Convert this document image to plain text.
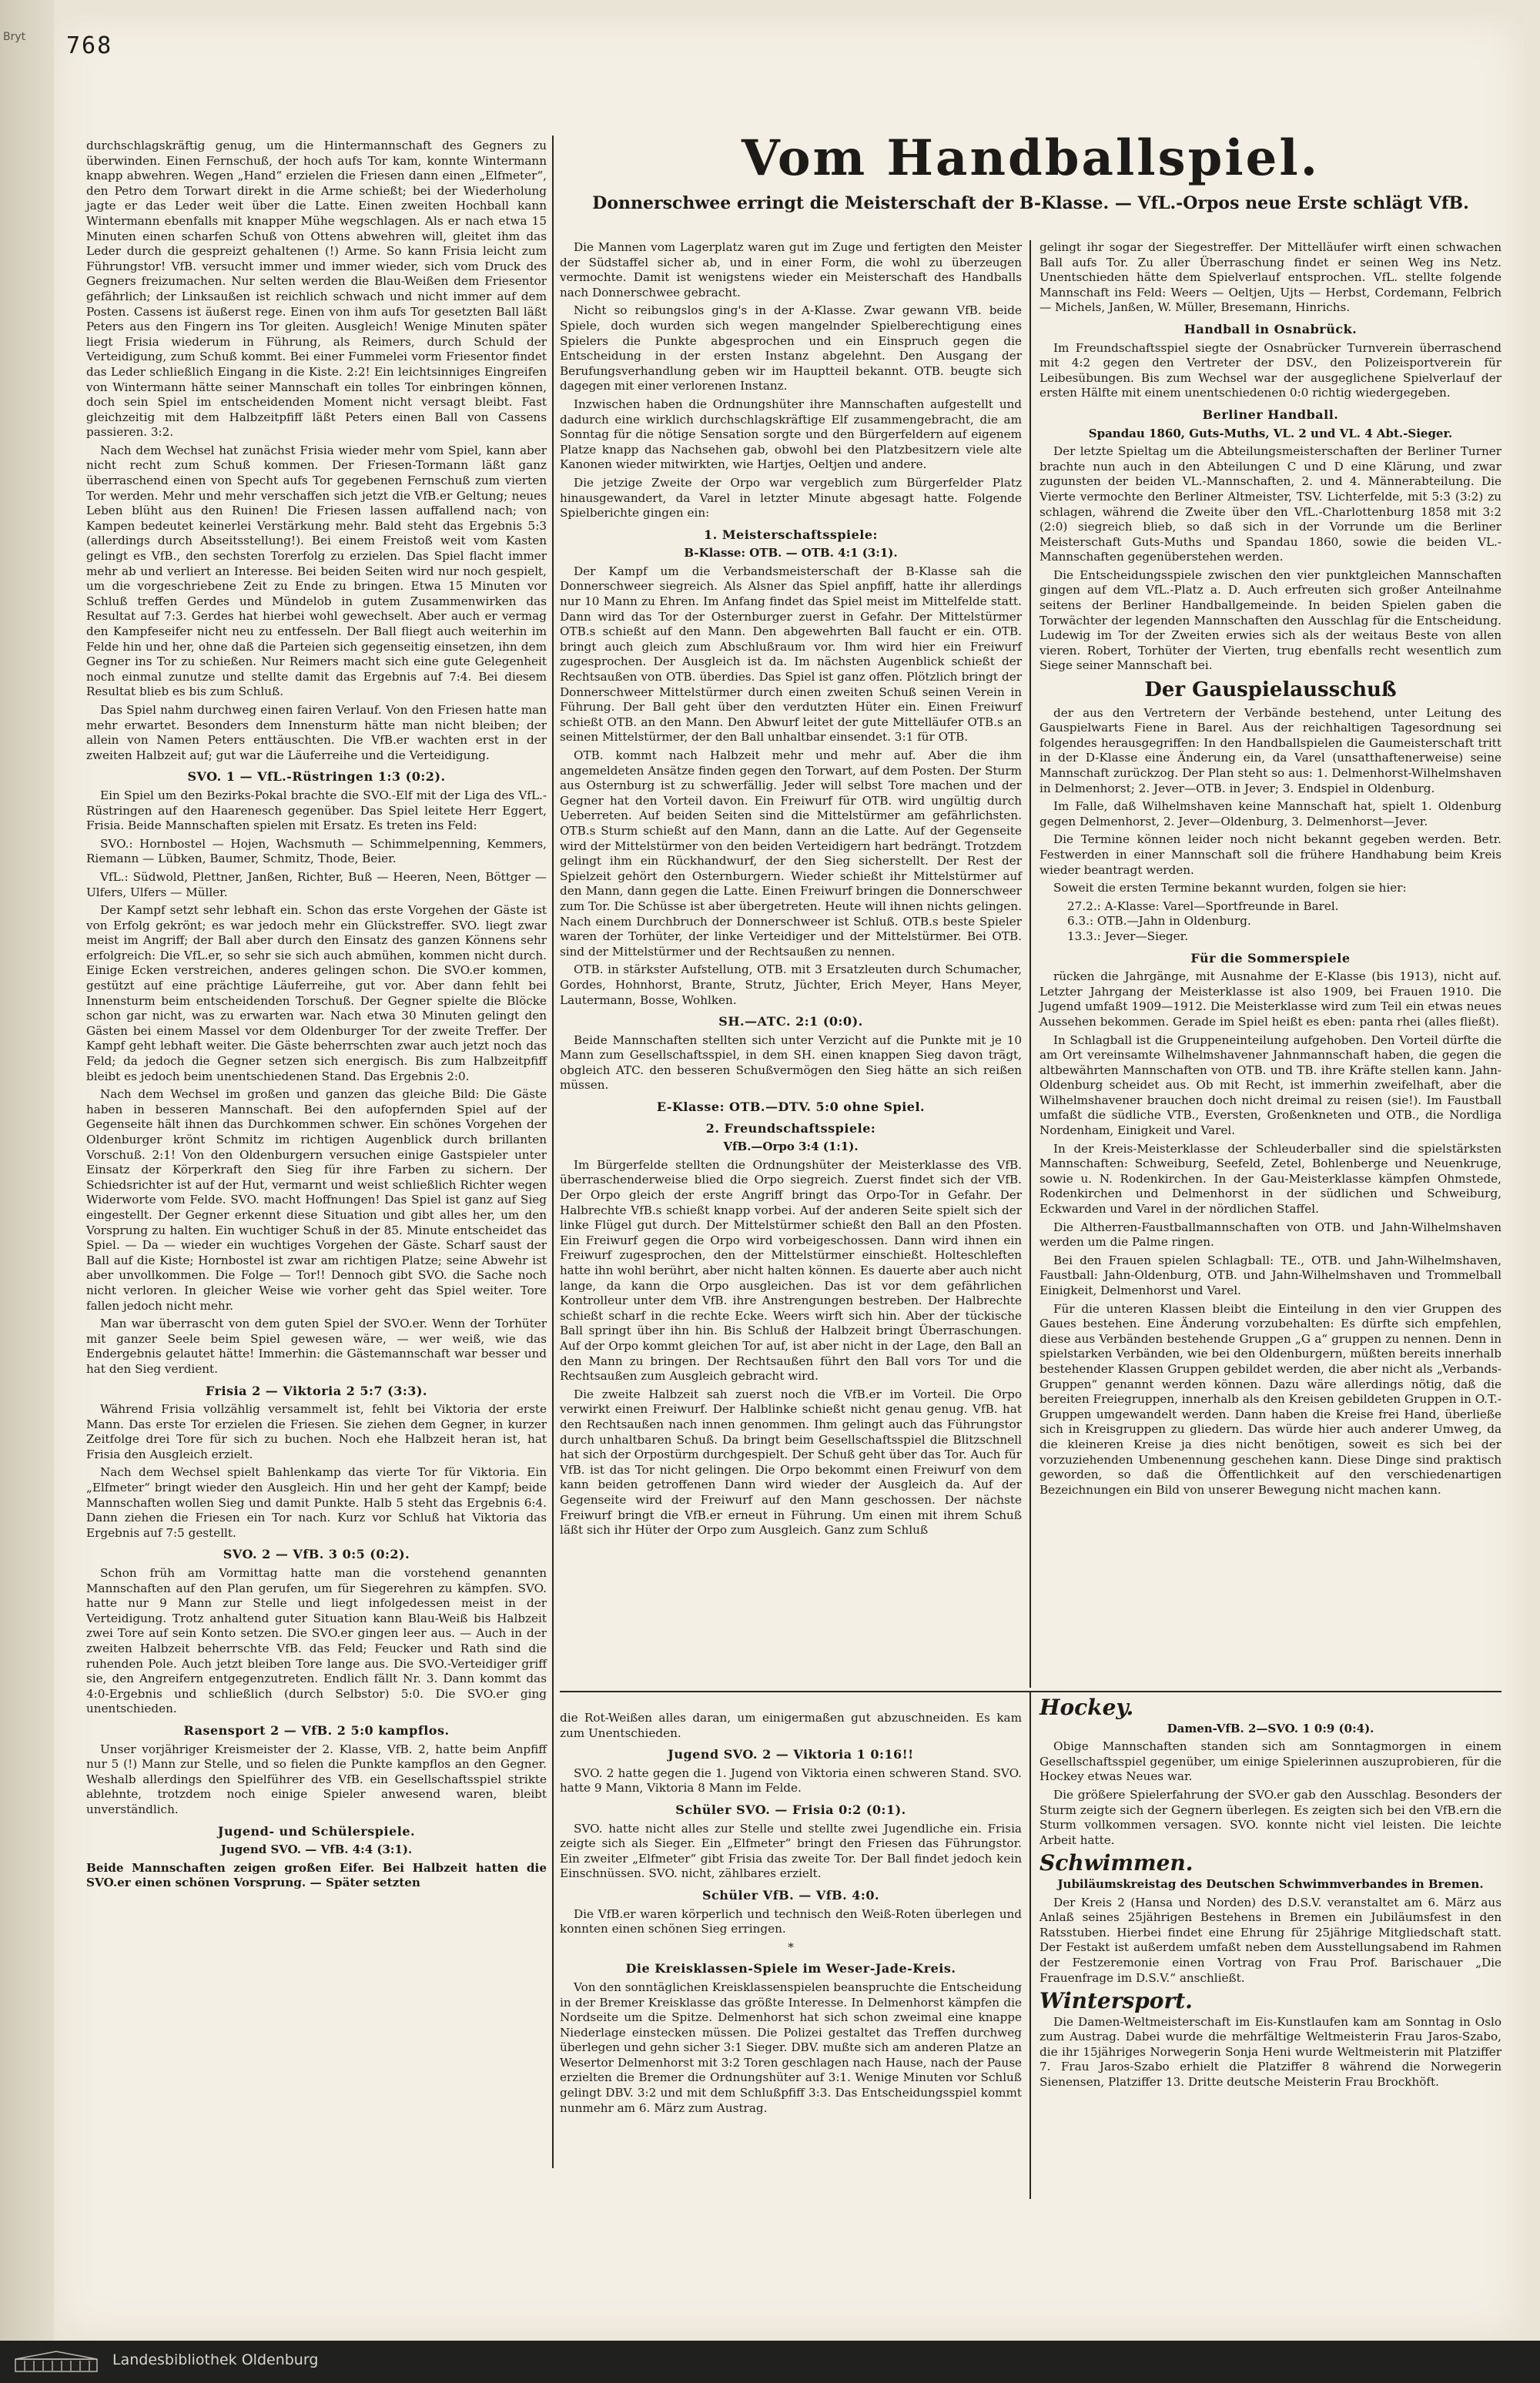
Bryt 768
Vom Handballspiel.
Donnerschwee erringt die Meisterschaft der B-Klasse. — VfL.-Orpos neue Erste schlägt VfB.

durchschlagskräftig genug, um die Hintermannschaft des Gegners zu überwinden. Einen Fernschuß, der hoch aufs Tor kam, konnte Wintermann knapp abwehren. Wegen „Hand“ erzielen die Friesen dann einen „Elfmeter“, den Petro dem Torwart direkt in die Arme schießt; bei der Wiederholung jagte er das Leder weit über die Latte. Einen zweiten Hochball kann Wintermann ebenfalls mit knapper Mühe wegschlagen. Als er nach etwa 15 Minuten einen scharfen Schuß von Ottens abwehren will, gleitet ihm das Leder durch die gespreizt gehaltenen (!) Arme. So kann Frisia leicht zum Führungstor! VfB. versucht immer und immer wieder, sich vom Druck des Gegners freizumachen. Nur selten werden die Blau-Weißen dem Friesentor gefährlich; der Linksaußen ist reichlich schwach und nicht immer auf dem Posten. Cassens ist äußerst rege. Einen von ihm aufs Tor gesetzten Ball läßt Peters aus den Fingern ins Tor gleiten. Ausgleich! Wenige Minuten später liegt Frisia wiederum in Führung, als Reimers, durch Schuld der Verteidigung, zum Schuß kommt. Bei einer Fummelei vorm Friesentor findet das Leder schließlich Eingang in die Kiste. 2:2! Ein leichtsinniges Eingreifen von Wintermann hätte seiner Mannschaft ein tolles Tor einbringen können, doch sein Spiel im entscheidenden Moment nicht versagt bleibt. Fast gleichzeitig mit dem Halbzeitpfiff läßt Peters einen Ball von Cassens passieren. 3:2.

Nach dem Wechsel hat zunächst Frisia wieder mehr vom Spiel, kann aber nicht recht zum Schuß kommen. Der Friesen-Tormann läßt ganz überraschend einen von Specht aufs Tor gegebenen Fernschuß zum vierten Tor werden. Mehr und mehr verschaffen sich jetzt die VfB.er Geltung; neues Leben blüht aus den Ruinen! Die Friesen lassen auffallend nach; von Kampen bedeutet keinerlei Verstärkung mehr. Bald steht das Ergebnis 5:3 (allerdings durch Abseitsstellung!). Bei einem Freistoß weit vom Kasten gelingt es VfB., den sechsten Torerfolg zu erzielen. Das Spiel flacht immer mehr ab und verliert an Interesse. Bei beiden Seiten wird nur noch gespielt, um die vorgeschriebene Zeit zu Ende zu bringen. Etwa 15 Minuten vor Schluß treffen Gerdes und Mündelob in gutem Zusammenwirken das Resultat auf 7:3. Gerdes hat hierbei wohl gewechselt. Aber auch er vermag den Kampfeseifer nicht neu zu entfesseln. Der Ball fliegt auch weiterhin im Felde hin und her, ohne daß die Parteien sich gegenseitig einsetzen, ihn dem Gegner ins Tor zu schießen. Nur Reimers macht sich eine gute Gelegenheit noch einmal zunutze und stellte damit das Ergebnis auf 7:4. Bei diesem Resultat blieb es bis zum Schluß.

Das Spiel nahm durchweg einen fairen Verlauf. Von den Friesen hatte man mehr erwartet. Besonders dem Innensturm hätte man nicht bleiben; der allein von Namen Peters enttäuschten. Die VfB.er wachten erst in der zweiten Halbzeit auf; gut war die Läuferreihe und die Verteidigung.

SVO. 1 — VfL.-Rüstringen 1:3 (0:2).

Ein Spiel um den Bezirks-Pokal brachte die SVO.-Elf mit der Liga des VfL.-Rüstringen auf den Haarenesch gegenüber. Das Spiel leitete Herr Eggert, Frisia. Beide Mannschaften spielen mit Ersatz. Es treten ins Feld:

SVO.: Hornbostel — Hojen, Wachsmuth — Schimmelpenning, Kemmers, Riemann — Lübken, Baumer, Schmitz, Thode, Beier.

VfL.: Südwold, Plettner, Janßen, Richter, Buß — Heeren, Neen, Böttger — Ulfers, Ulfers — Müller.

Der Kampf setzt sehr lebhaft ein. Schon das erste Vorgehen der Gäste ist von Erfolg gekrönt; es war jedoch mehr ein Glückstreffer. SVO. liegt zwar meist im Angriff; der Ball aber durch den Einsatz des ganzen Könnens sehr erfolgreich: Die VfL.er, so sehr sie sich auch abmühen, kommen nicht durch. Einige Ecken verstreichen, anderes gelingen schon. Die SVO.er kommen, gestützt auf eine prächtige Läuferreihe, gut vor. Aber dann fehlt bei Innensturm beim entscheidenden Torschuß. Der Gegner spielte die Blöcke schon gar nicht, was zu erwarten war. Nach etwa 30 Minuten gelingt den Gästen bei einem Massel vor dem Oldenburger Tor der zweite Treffer. Der Kampf geht lebhaft weiter. Die Gäste beherrschten zwar auch jetzt noch das Feld; da jedoch die Gegner setzen sich energisch. Bis zum Halbzeitpfiff bleibt es jedoch beim unentschiedenen Stand. Das Ergebnis 2:0.

Nach dem Wechsel im großen und ganzen das gleiche Bild: Die Gäste haben in besseren Mannschaft. Bei den aufopfernden Spiel auf der Gegenseite hält ihnen das Durchkommen schwer. Ein schönes Vorgehen der Oldenburger krönt Schmitz im richtigen Augenblick durch brillanten Vorschuß. 2:1! Von den Oldenburgern versuchen einige Gastspieler unter Einsatz der Körperkraft den Sieg für ihre Farben zu sichern. Der Schiedsrichter ist auf der Hut, vermarnt und weist schließlich Richter wegen Widerworte vom Felde. SVO. macht Hoffnungen! Das Spiel ist ganz auf Sieg eingestellt. Der Gegner erkennt diese Situation und gibt alles her, um den Vorsprung zu halten. Ein wuchtiger Schuß in der 85. Minute entscheidet das Spiel. — Da — wieder ein wuchtiges Vorgehen der Gäste. Scharf saust der Ball auf die Kiste; Hornbostel ist zwar am richtigen Platze; seine Abwehr ist aber unvollkommen. Die Folge — Tor!! Dennoch gibt SVO. die Sache noch nicht verloren. In gleicher Weise wie vorher geht das Spiel weiter. Tore fallen jedoch nicht mehr.

Man war überrascht von dem guten Spiel der SVO.er. Wenn der Torhüter mit ganzer Seele beim Spiel gewesen wäre, — wer weiß, wie das Endergebnis gelautet hätte! Immerhin: die Gästemannschaft war besser und hat den Sieg verdient.

Frisia 2 — Viktoria 2 5:7 (3:3).

Während Frisia vollzählig versammelt ist, fehlt bei Viktoria der erste Mann. Das erste Tor erzielen die Friesen. Sie ziehen dem Gegner, in kurzer Zeitfolge drei Tore für sich zu buchen. Noch ehe Halbzeit heran ist, hat Frisia den Ausgleich erzielt.

Nach dem Wechsel spielt Bahlenkamp das vierte Tor für Viktoria. Ein „Elfmeter“ bringt wieder den Ausgleich. Hin und her geht der Kampf; beide Mannschaften wollen Sieg und damit Punkte. Halb 5 steht das Ergebnis 6:4. Dann ziehen die Friesen ein Tor nach. Kurz vor Schluß hat Viktoria das Ergebnis auf 7:5 gestellt.

SVO. 2 — VfB. 3 0:5 (0:2).

Schon früh am Vormittag hatte man die vorstehend genannten Mannschaften auf den Plan gerufen, um für Siegerehren zu kämpfen. SVO. hatte nur 9 Mann zur Stelle und liegt infolgedessen meist in der Verteidigung. Trotz anhaltend guter Situation kann Blau-Weiß bis Halbzeit zwei Tore auf sein Konto setzen. Die SVO.er gingen leer aus. — Auch in der zweiten Halbzeit beherrschte VfB. das Feld; Feucker und Rath sind die ruhenden Pole. Auch jetzt bleiben Tore lange aus. Die SVO.-Verteidiger griff sie, den Angreifern entgegenzutreten. Endlich fällt Nr. 3. Dann kommt das 4:0-Ergebnis und schließlich (durch Selbstor) 5:0. Die SVO.er ging unentschieden.

Rasensport 2 — VfB. 2 5:0 kampflos.

Unser vorjähriger Kreismeister der 2. Klasse, VfB. 2, hatte beim Anpfiff nur 5 (!) Mann zur Stelle, und so fielen die Punkte kampflos an den Gegner. Weshalb allerdings den Spielführer des VfB. ein Gesellschaftsspiel strikte ablehnte, trotzdem noch einige Spieler anwesend waren, bleibt unverständlich.

Jugend- und Schülerspiele.
Jugend SVO. — VfB. 4:4 (3:1).

Beide Mannschaften zeigen großen Eifer. Bei Halbzeit hatten die SVO.er einen schönen Vorsprung. — Später setzten

Die Mannen vom Lagerplatz waren gut im Zuge und fertigten den Meister der Südstaffel sicher ab, und in einer Form, die wohl zu überzeugen vermochte. Damit ist wenigstens wieder ein Meisterschaft des Handballs nach Donnerschwee gebracht.

Nicht so reibungslos ging's in der A-Klasse. Zwar gewann VfB. beide Spiele, doch wurden sich wegen mangelnder Spielberechtigung eines Spielers die Punkte abgesprochen und ein Einspruch gegen die Entscheidung in der ersten Instanz abgelehnt. Den Ausgang der Berufungsverhandlung geben wir im Hauptteil bekannt. OTB. beugte sich dagegen mit einer verlorenen Instanz.

Inzwischen haben die Ordnungshüter ihre Mannschaften aufgestellt und dadurch eine wirklich durchschlagskräftige Elf zusammengebracht, die am Sonntag für die nötige Sensation sorgte und den Bürgerfeldern auf eigenem Platze knapp das Nachsehen gab, obwohl bei den Platzbesitzern viele alte Kanonen wieder mitwirkten, wie Hartjes, Oeltjen und andere.

Die jetzige Zweite der Orpo war vergeblich zum Bürgerfelder Platz hinausgewandert, da Varel in letzter Minute abgesagt hatte. Folgende Spielberichte gingen ein:

1. Meisterschaftsspiele:
B-Klasse: OTB. — OTB. 4:1 (3:1).

Der Kampf um die Verbandsmeisterschaft der B-Klasse sah die Donnerschweer siegreich. Als Alsner das Spiel anpfiff, hatte ihr allerdings nur 10 Mann zu Ehren. Im Anfang findet das Spiel meist im Mittelfelde statt. Dann wird das Tor der Osternburger zuerst in Gefahr. Der Mittelstürmer OTB.s schießt auf den Mann. Den abgewehrten Ball faucht er ein. OTB. bringt auch gleich zum Abschlußraum vor. Ihm wird hier ein Freiwurf zugesprochen. Der Ausgleich ist da. Im nächsten Augenblick schießt der Rechtsaußen von OTB. überdies. Das Spiel ist ganz offen. Plötzlich bringt der Donnerschweer Mittelstürmer durch einen zweiten Schuß seinen Verein in Führung. Der Ball geht über den verdutzten Hüter ein. Einen Freiwurf schießt OTB. an den Mann. Den Abwurf leitet der gute Mittelläufer OTB.s an seinen Mittelstürmer, der den Ball unhaltbar einsendet. 3:1 für OTB.

OTB. kommt nach Halbzeit mehr und mehr auf. Aber die ihm angemeldeten Ansätze finden gegen den Torwart, auf dem Posten. Der Sturm aus Osternburg ist zu schwerfällig. Jeder will selbst Tore machen und der Gegner hat den Vorteil davon. Ein Freiwurf für OTB. wird ungültig durch Ueberreten. Auf beiden Seiten sind die Mittelstürmer am gefährlichsten. OTB.s Sturm schießt auf den Mann, dann an die Latte. Auf der Gegenseite wird der Mittelstürmer von den beiden Verteidigern hart bedrängt. Trotzdem gelingt ihm ein Rückhandwurf, der den Sieg sicherstellt. Der Rest der Spielzeit gehört den Osternburgern. Wieder schießt ihr Mittelstürmer auf den Mann, dann gegen die Latte. Einen Freiwurf bringen die Donnerschweer zum Tor. Die Schüsse ist aber übergetreten. Heute will ihnen nichts gelingen. Nach einem Durchbruch der Donnerschweer ist Schluß. OTB.s beste Spieler waren der Torhüter, der linke Verteidiger und der Mittelstürmer. Bei OTB. sind der Mittelstürmer und der Rechtsaußen zu nennen.

OTB. in stärkster Aufstellung, OTB. mit 3 Ersatzleuten durch Schumacher, Gordes, Hohnhorst, Brante, Strutz, Jüchter, Erich Meyer, Hans Meyer, Lautermann, Bosse, Wohlken.

SH.—ATC. 2:1 (0:0).

Beide Mannschaften stellten sich unter Verzicht auf die Punkte mit je 10 Mann zum Gesellschaftsspiel, in dem SH. einen knappen Sieg davon trägt, obgleich ATC. den besseren Schußvermögen den Sieg hätte an sich reißen müssen.

E-Klasse: OTB.—DTV. 5:0 ohne Spiel.
2. Freundschaftsspiele:
VfB.—Orpo 3:4 (1:1).

Im Bürgerfelde stellten die Ordnungshüter der Meisterklasse des VfB. überraschenderweise blied die Orpo siegreich. Zuerst findet sich der VfB. Der Orpo gleich der erste Angriff bringt das Orpo-Tor in Gefahr. Der Halbrechte VfB.s schießt knapp vorbei. Auf der anderen Seite spielt sich der linke Flügel gut durch. Der Mittelstürmer schießt den Ball an den Pfosten. Ein Freiwurf gegen die Orpo wird vorbeigeschossen. Dann wird ihnen ein Freiwurf zugesprochen, den der Mittelstürmer einschießt. Holteschleften hatte ihn wohl berührt, aber nicht halten können. Es dauerte aber auch nicht lange, da kann die Orpo ausgleichen. Das ist vor dem gefährlichen Kontrolleur unter dem VfB. ihre Anstrengungen bestreben. Der Halbrechte schießt scharf in die rechte Ecke. Weers wirft sich hin. Aber der tückische Ball springt über ihn hin. Bis Schluß der Halbzeit bringt Überraschungen. Auf der Orpo kommt gleichen Tor auf, ist aber nicht in der Lage, den Ball an den Mann zu bringen. Der Rechtsaußen führt den Ball vors Tor und die Rechtsaußen zum Ausgleich gebracht wird.

Die zweite Halbzeit sah zuerst noch die VfB.er im Vorteil. Die Orpo verwirkt einen Freiwurf. Der Halblinke schießt nicht genau genug. VfB. hat den Rechtsaußen nach innen genommen. Ihm gelingt auch das Führungstor durch unhaltbaren Schuß. Da bringt beim Gesellschaftsspiel die Blitzschnell hat sich der Orpostürm durchgespielt. Der Schuß geht über das Tor. Auch für VfB. ist das Tor nicht gelingen. Die Orpo bekommt einen Freiwurf von dem kann beiden getroffenen Dann wird wieder der Ausgleich da. Auf der Gegenseite wird der Freiwurf auf den Mann geschossen. Der nächste Freiwurf bringt die VfB.er erneut in Führung. Um einen mit ihrem Schuß läßt sich ihr Hüter der Orpo zum Ausgleich. Ganz zum Schluß

gelingt ihr sogar der Siegestreffer. Der Mittelläufer wirft einen schwachen Ball aufs Tor. Zu aller Überraschung findet er seinen Weg ins Netz. Unentschieden hätte dem Spielverlauf entsprochen. VfL. stellte folgende Mannschaft ins Feld: Weers — Oeltjen, Ujts — Herbst, Cordemann, Felbrich — Michels, Janßen, W. Müller, Bresemann, Hinrichs.

Handball in Osnabrück.

Im Freundschaftsspiel siegte der Osnabrücker Turnverein überraschend mit 4:2 gegen den Vertreter der DSV., den Polizeisportverein für Leibesübungen. Bis zum Wechsel war der ausgeglichene Spielverlauf der ersten Hälfte mit einem unentschiedenen 0:0 richtig wiedergegeben.

Berliner Handball.
Spandau 1860, Guts-Muths, VL. 2 und VL. 4 Abt.-Sieger.

Der letzte Spieltag um die Abteilungsmeisterschaften der Berliner Turner brachte nun auch in den Abteilungen C und D eine Klärung, und zwar zugunsten der beiden VL.-Mannschaften, 2. und 4. Männerabteilung. Die Vierte vermochte den Berliner Altmeister, TSV. Lichterfelde, mit 5:3 (3:2) zu schlagen, während die Zweite über den VfL.-Charlottenburg 1858 mit 3:2 (2:0) siegreich blieb, so daß sich in der Vorrunde um die Berliner Meisterschaft Guts-Muths und Spandau 1860, sowie die beiden VL.-Mannschaften gegenüberstehen werden.

Die Entscheidungsspiele zwischen den vier punktgleichen Mannschaften gingen auf dem VfL.-Platz a. D. Auch erfreuten sich großer Anteilnahme seitens der Berliner Handballgemeinde. In beiden Spielen gaben die Torwächter der legenden Mannschaften den Ausschlag für die Entscheidung. Ludewig im Tor der Zweiten erwies sich als der weitaus Beste von allen vieren. Robert, Torhüter der Vierten, trug ebenfalls recht wesentlich zum Siege seiner Mannschaft bei.

Der Gauspielausschuß

der aus den Vertretern der Verbände bestehend, unter Leitung des Gauspielwarts Fiene in Barel. Aus der reichhaltigen Tagesordnung sei folgendes herausgegriffen: In den Handballspielen die Gaumeisterschaft tritt in der D-Klasse eine Änderung ein, da Varel (unsatthaftenerweise) seine Mannschaft zurückzog. Der Plan steht so aus: 1. Delmenhorst-Wilhelmshaven in Delmenhorst; 2. Jever—OTB. in Jever; 3. Endspiel in Oldenburg.

Im Falle, daß Wilhelmshaven keine Mannschaft hat, spielt 1. Oldenburg gegen Delmenhorst, 2. Jever—Oldenburg, 3. Delmenhorst—Jever.

Die Termine können leider noch nicht bekannt gegeben werden. Betr. Festwerden in einer Mannschaft soll die frühere Handhabung beim Kreis wieder beantragt werden.

Soweit die ersten Termine bekannt wurden, folgen sie hier:

27.2.: A-Klasse: Varel—Sportfreunde in Barel.
6.3.: OTB.—Jahn in Oldenburg.
13.3.: Jever—Sieger.
Für die Sommerspiele

rücken die Jahrgänge, mit Ausnahme der E-Klasse (bis 1913), nicht auf. Letzter Jahrgang der Meisterklasse ist also 1909, bei Frauen 1910. Die Jugend umfaßt 1909—1912. Die Meisterklasse wird zum Teil ein etwas neues Aussehen bekommen. Gerade im Spiel heißt es eben: panta rhei (alles fließt).

In Schlagball ist die Gruppeneinteilung aufgehoben. Den Vorteil dürfte die am Ort vereinsamte Wilhelmshavener Jahnmannschaft haben, die gegen die altbewährten Mannschaften von OTB. und TB. ihre Kräfte stellen kann. Jahn-Oldenburg scheidet aus. Ob mit Recht, ist immerhin zweifelhaft, aber die Wilhelmshavener brauchen doch nicht dreimal zu reisen (sie!). Im Faustball umfaßt die südliche VTB., Eversten, Großenkneten und OTB., die Nordliga Nordenham, Einigkeit und Varel.

In der Kreis-Meisterklasse der Schleuderballer sind die spielstärksten Mannschaften: Schweiburg, Seefeld, Zetel, Bohlenberge und Neuenkruge, sowie u. N. Rodenkirchen. In der Gau-Meisterklasse kämpfen Ohmstede, Rodenkirchen und Delmenhorst in der südlichen und Schweiburg, Eckwarden und Varel in der nördlichen Staffel.

Die Altherren-Faustballmannschaften von OTB. und Jahn-Wilhelmshaven werden um die Palme ringen.

Bei den Frauen spielen Schlagball: TE., OTB. und Jahn-Wilhelmshaven, Faustball: Jahn-Oldenburg, OTB. und Jahn-Wilhelmshaven und Trommelball Einigkeit, Delmenhorst und Varel.

Für die unteren Klassen bleibt die Einteilung in den vier Gruppen des Gaues bestehen. Eine Änderung vorzubehalten: Es dürfte sich empfehlen, diese aus Verbänden bestehende Gruppen „G a“ gruppen zu nennen. Denn in spielstarken Verbänden, wie bei den Oldenburgern, müßten bereits innerhalb bestehender Klassen Gruppen gebildet werden, die aber nicht als „Verbands-Gruppen“ genannt werden können. Dazu wäre allerdings nötig, daß die bereiten Freiegruppen, innerhalb als den Kreisen gebildeten Gruppen in O.T.-Gruppen umgewandelt werden. Dann haben die Kreise frei Hand, überließe sich in Kreisgruppen zu gliedern. Das würde hier auch anderer Umweg, da die kleineren Kreise ja dies nicht benötigen, soweit es sich bei der vorzuziehenden Umbenennung geschehen kann. Diese Dinge sind praktisch geworden, so daß die Öffentlichkeit auf den verschiedenartigen Bezeichnungen ein Bild von unserer Bewegung nicht machen kann.

die Rot-Weißen alles daran, um einigermaßen gut abzuschneiden. Es kam zum Unentschieden.

Jugend SVO. 2 — Viktoria 1 0:16!!

SVO. 2 hatte gegen die 1. Jugend von Viktoria einen schweren Stand. SVO. hatte 9 Mann, Viktoria 8 Mann im Felde.

Schüler SVO. — Frisia 0:2 (0:1).

SVO. hatte nicht alles zur Stelle und stellte zwei Jugendliche ein. Frisia zeigte sich als Sieger. Ein „Elfmeter“ bringt den Friesen das Führungstor. Ein zweiter „Elfmeter“ gibt Frisia das zweite Tor. Der Ball findet jedoch kein Einschnüssen. SVO. nicht, zählbares erzielt.

Schüler VfB. — VfB. 4:0.

Die VfB.er waren körperlich und technisch den Weiß-Roten überlegen und konnten einen schönen Sieg erringen.

*
Die Kreisklassen-Spiele im Weser-Jade-Kreis.

Von den sonntäglichen Kreisklassenspielen beanspruchte die Entscheidung in der Bremer Kreisklasse das größte Interesse. In Delmenhorst kämpfen die Nordseite um die Spitze. Delmenhorst hat sich schon zweimal eine knappe Niederlage einstecken müssen. Die Polizei gestaltet das Treffen durchweg überlegen und gehn sicher 3:1 Sieger. DBV. mußte sich am anderen Platze an Wesertor Delmenhorst mit 3:2 Toren geschlagen nach Hause, nach der Pause erzielten die Bremer die Ordnungshüter auf 3:1. Wenige Minuten vor Schluß gelingt DBV. 3:2 und mit dem Schlußpfiff 3:3. Das Entscheidungsspiel kommt nunmehr am 6. März zum Austrag.

Hockey.
Damen-VfB. 2—SVO. 1 0:9 (0:4).

Obige Mannschaften standen sich am Sonntagmorgen in einem Gesellschaftsspiel gegenüber, um einige Spielerinnen auszuprobieren, für die Hockey etwas Neues war.

Die größere Spielerfahrung der SVO.er gab den Ausschlag. Besonders der Sturm zeigte sich der Gegnern überlegen. Es zeigten sich bei den VfB.ern die Sturm vollkommen versagen. SVO. konnte nicht viel leisten. Die leichte Arbeit hatte.

Schwimmen.
Jubiläumskreistag des Deutschen Schwimmverbandes in Bremen.

Der Kreis 2 (Hansa und Norden) des D.S.V. veranstaltet am 6. März aus Anlaß seines 25jährigen Bestehens in Bremen ein Jubiläumsfest in den Ratsstuben. Hierbei findet eine Ehrung für 25jährige Mitgliedschaft statt. Der Festakt ist außerdem umfaßt neben dem Ausstellungsabend im Rahmen der Festzeremonie einen Vortrag von Frau Prof. Barischauer „Die Frauenfrage im D.S.V.“ anschließt.

Wintersport.

Die Damen-Weltmeisterschaft im Eis-Kunstlaufen kam am Sonntag in Oslo zum Austrag. Dabei wurde die mehrfältige Weltmeisterin Frau Jaros-Szabo, die ihr 15jähriges Norwegerin Sonja Heni wurde Weltmeisterin mit Platziffer 7. Frau Jaros-Szabo erhielt die Platziffer 8 während die Norwegerin Sienensen, Platziffer 13. Dritte deutsche Meisterin Frau Brockhöft.

Landesbibliothek Oldenburg
